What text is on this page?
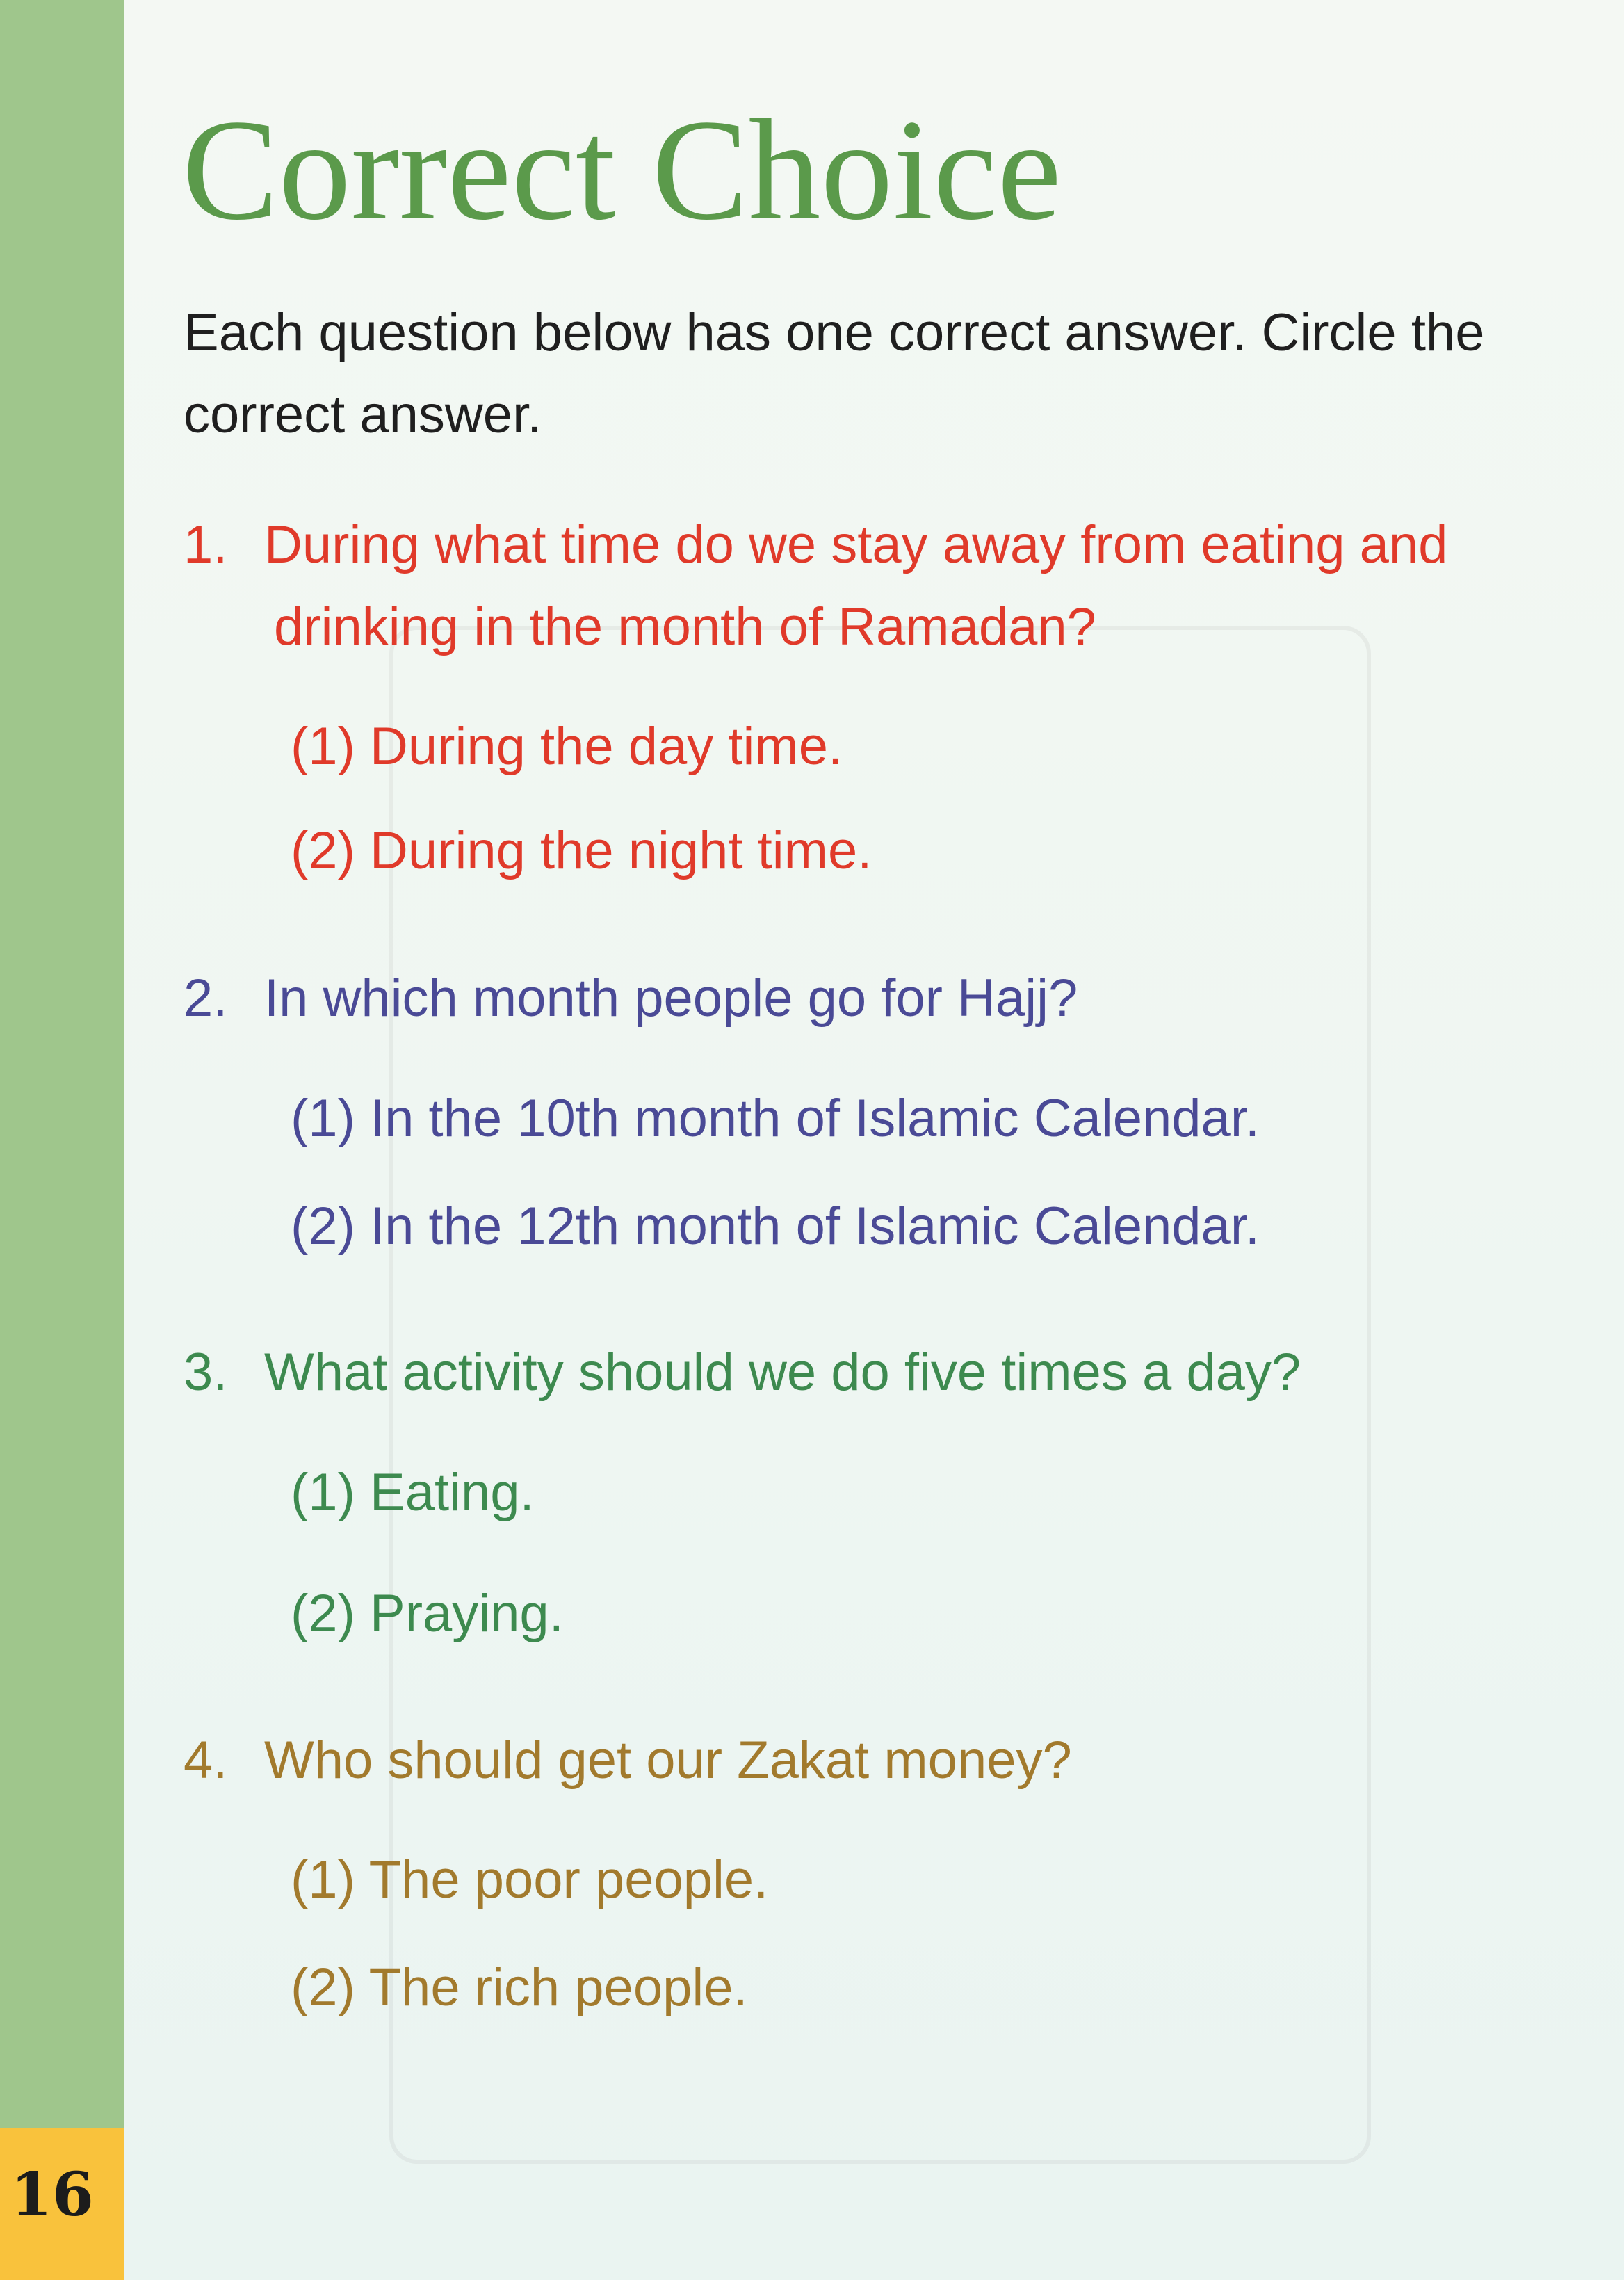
16
Correct Choice

Each question below has one correct answer. Circle the correct answer.

1. During what time do we stay away from eating and
drinking in the month of Ramadan?
(1) During the day time.
(2) During the night time.
2. In which month people go for Hajj?
(1) In the 10th month of Islamic Calendar.
(2) In the 12th month of Islamic Calendar.
3. What activity should we do five times a day?
(1) Eating.
(2) Praying.
4. Who should get our Zakat money?
(1) The poor people.
(2) The rich people.
